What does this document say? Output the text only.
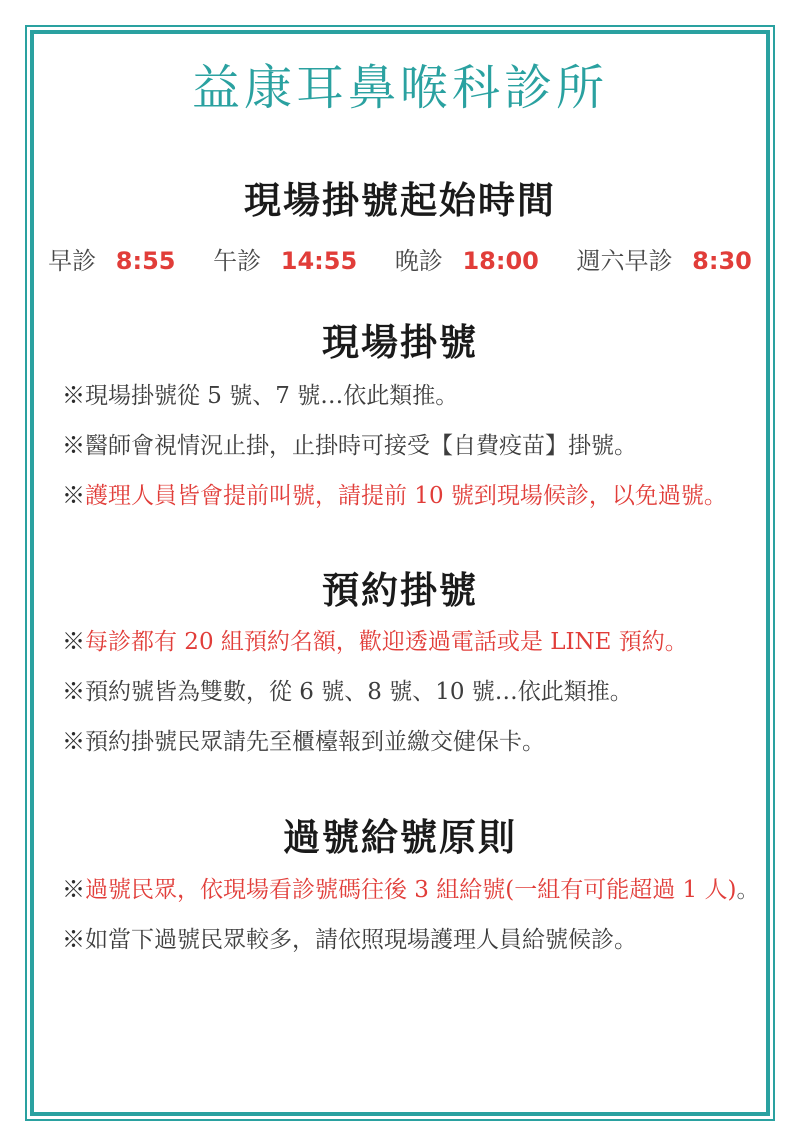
益康耳鼻喉科診所
現場掛號起始時間
早診 8:55 午診 14:55 晚診 18:00 週六早診 8:30
現場掛號
※現場掛號從 5 號、7 號…依此類推。
※醫師會視情況止掛，止掛時可接受【自費疫苗】掛號。
※護理人員皆會提前叫號，請提前 10 號到現場候診，以免過號。
預約掛號
※每診都有 20 組預約名額，歡迎透過電話或是 LINE 預約。
※預約號皆為雙數，從 6 號、8 號、10 號…依此類推。
※預約掛號民眾請先至櫃檯報到並繳交健保卡。
過號給號原則
※過號民眾，依現場看診號碼往後 3 組給號(一組有可能超過 1 人)。
※如當下過號民眾較多，請依照現場護理人員給號候診。
